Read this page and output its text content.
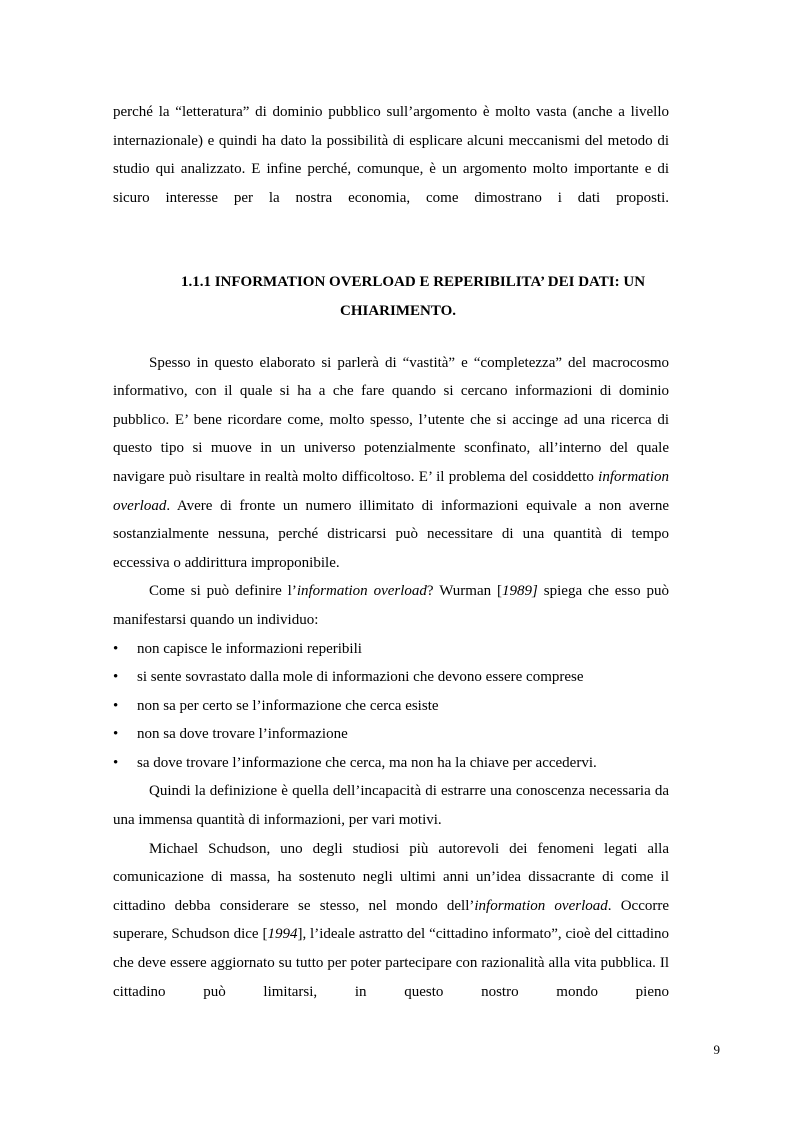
perché la “letteratura” di dominio pubblico sull’argomento è molto vasta (anche a livello internazionale) e quindi ha dato la possibilità di esplicare alcuni meccanismi del metodo di studio qui analizzato. E infine perché, comunque, è un argomento molto importante e di sicuro interesse per la nostra economia, come dimostrano i dati proposti.

1.1.1 INFORMATION OVERLOAD E REPERIBILITA’ DEI DATI: UN
CHIARIMENTO.

Spesso in questo elaborato si parlerà di “vastità” e “completezza” del macrocosmo informativo, con il quale si ha a che fare quando si cercano informazioni di dominio pubblico. E’ bene ricordare come, molto spesso, l’utente che si accinge ad una ricerca di questo tipo si muove in un universo potenzialmente sconfinato, all’interno del quale navigare può risultare in realtà molto difficoltoso. E’ il problema del cosiddetto information overload. Avere di fronte un numero illimitato di informazioni equivale a non averne sostanzialmente nessuna, perché districarsi può necessitare di una quantità di tempo eccessiva o addirittura improponibile.

Come si può definire l’information overload? Wurman [1989] spiega che esso può manifestarsi quando un individuo:

• non capisce le informazioni reperibili
• si sente sovrastato dalla mole di informazioni che devono essere comprese
• non sa per certo se l’informazione che cerca esiste
• non sa dove trovare l’informazione
• sa dove trovare l’informazione che cerca, ma non ha la chiave per accedervi.

Quindi la definizione è quella dell’incapacità di estrarre una conoscenza necessaria da una immensa quantità di informazioni, per vari motivi.

Michael Schudson, uno degli studiosi più autorevoli dei fenomeni legati alla comunicazione di massa, ha sostenuto negli ultimi anni un’idea dissacrante di come il cittadino debba considerare se stesso, nel mondo dell’information overload. Occorre superare, Schudson dice [1994], l’ideale astratto del “cittadino informato”, cioè del cittadino che deve essere aggiornato su tutto per poter partecipare con razionalità alla vita pubblica. Il cittadino può limitarsi, in questo nostro mondo pieno

9
